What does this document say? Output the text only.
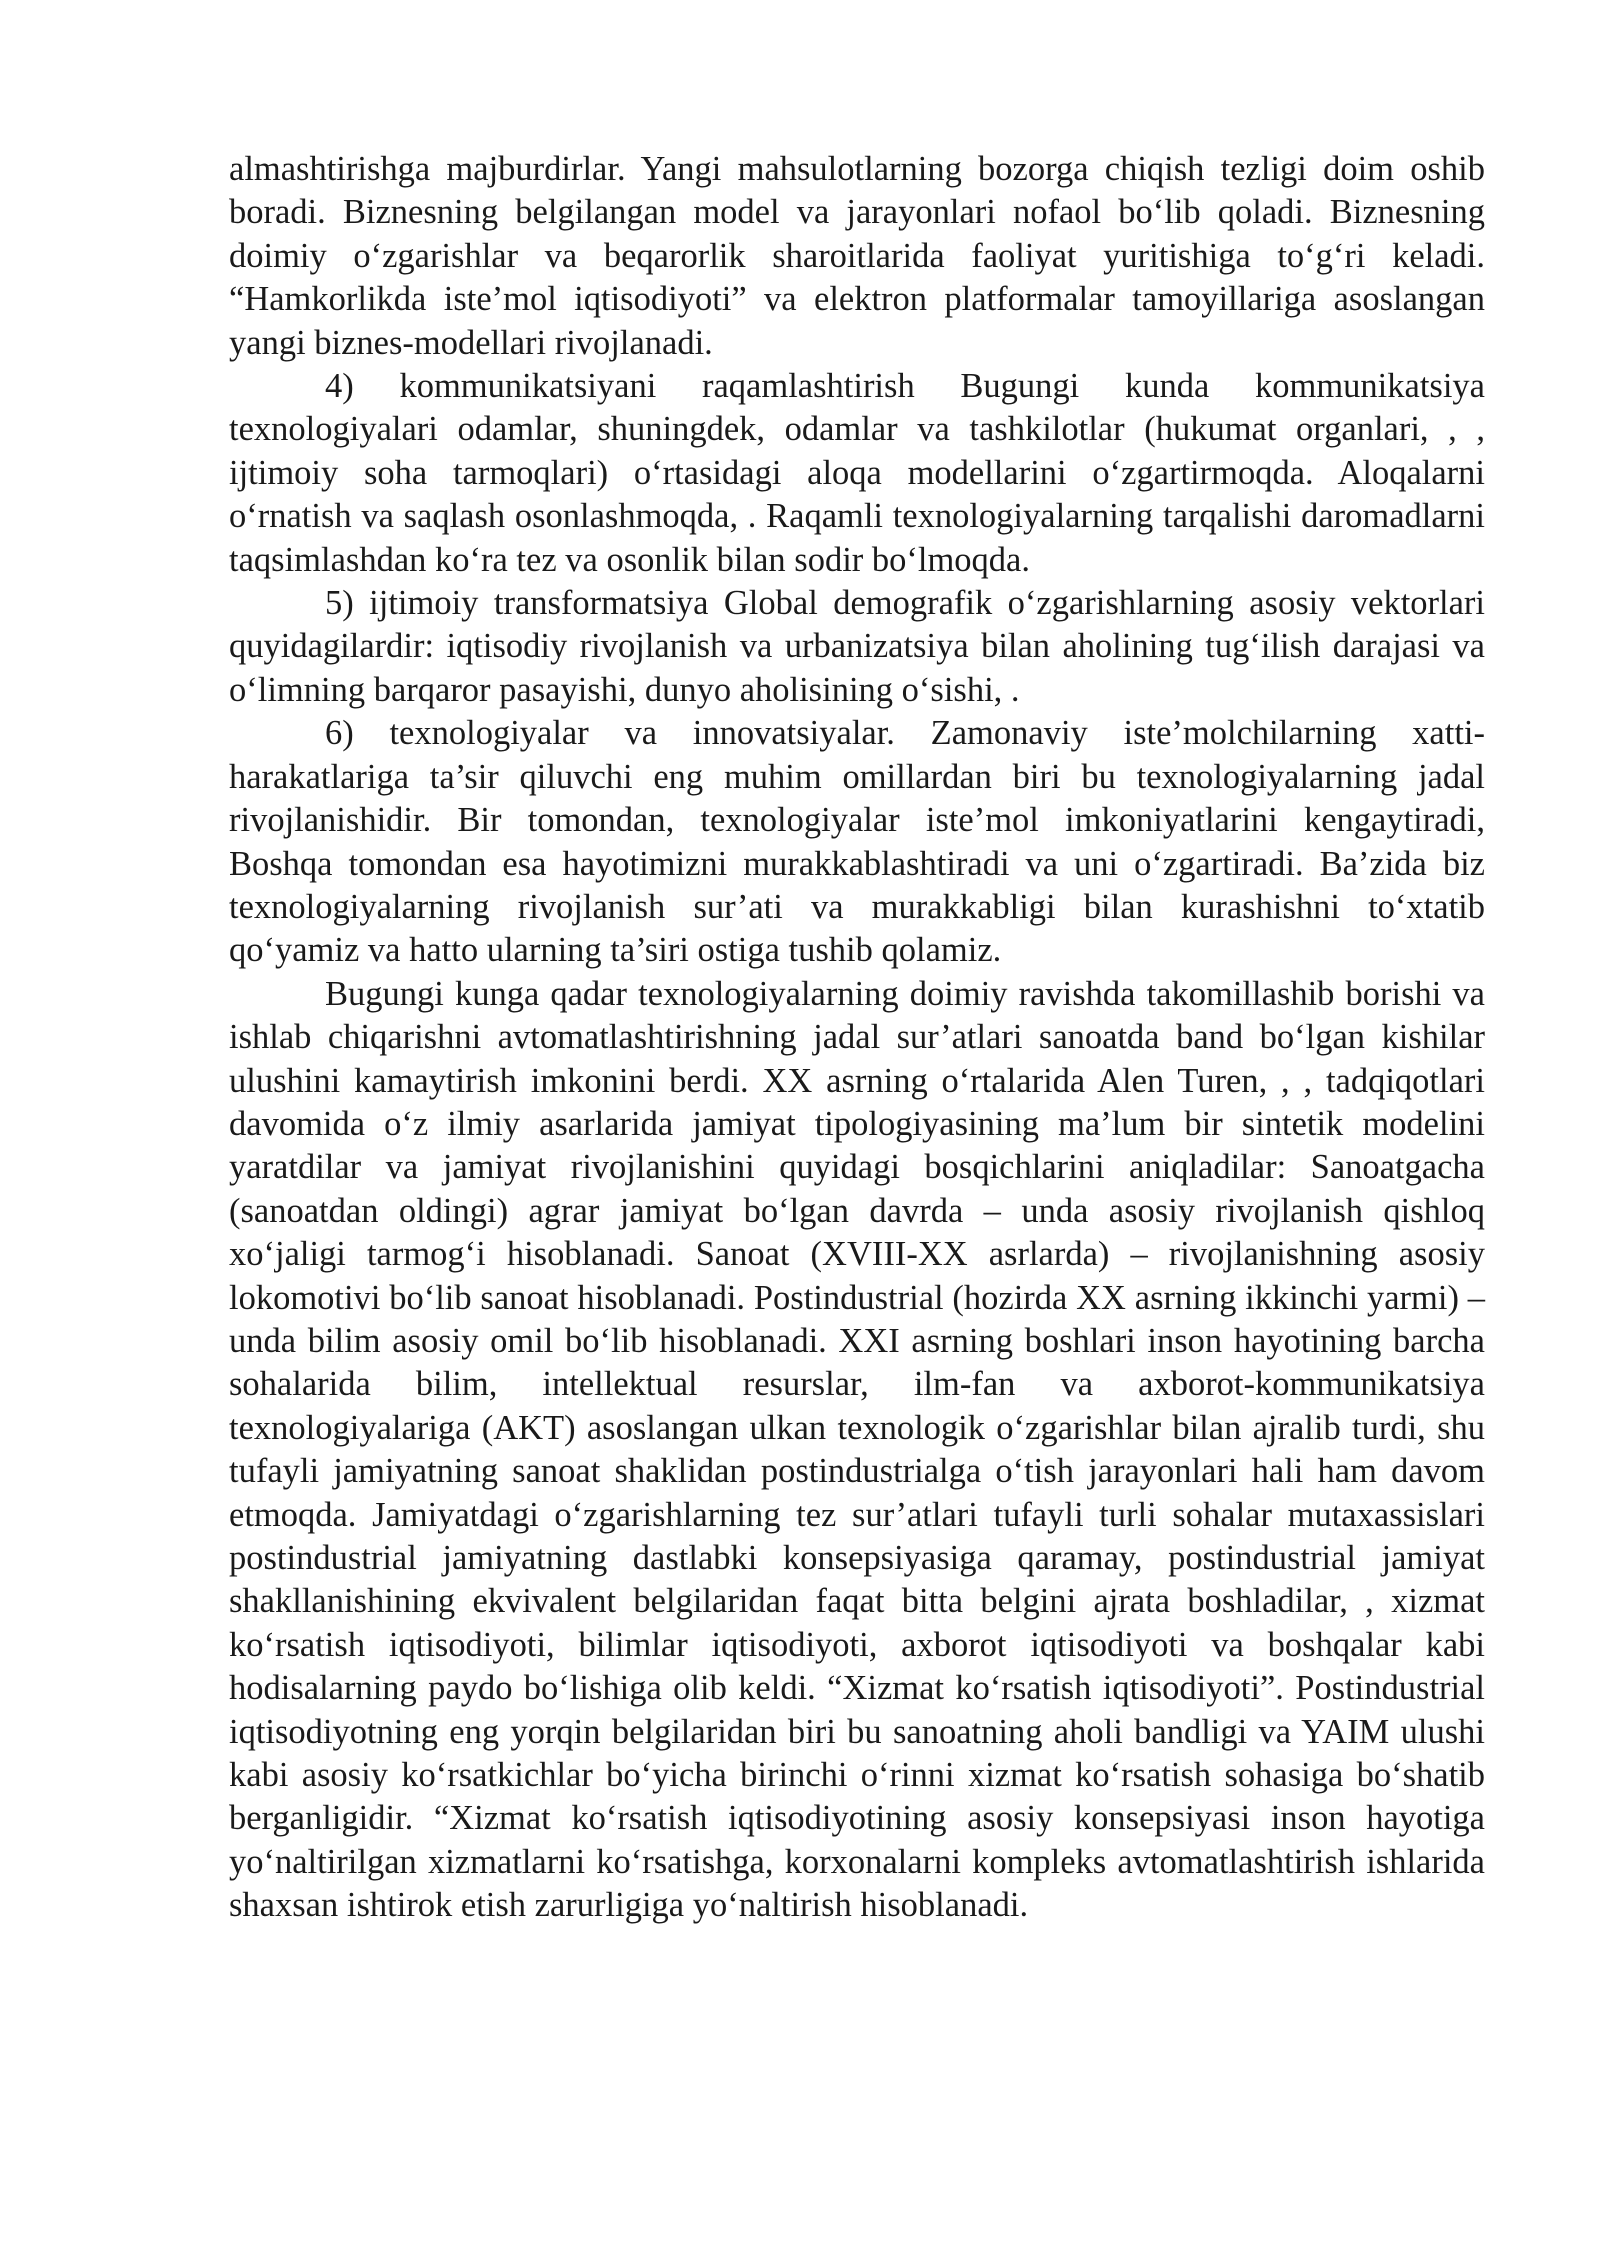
almashtirishga majburdirlar. Yangi mahsulotlarning bozorga chiqish tezligi doim oshib boradi. Biznesning belgilangan model va jarayonlari nofaol bo‘lib qoladi. Biznesning doimiy o‘zgarishlar va beqarorlik sharoitlarida faoliyat yuritishiga to‘g‘ri keladi. “Hamkorlikda iste’mol iqtisodiyoti” va elektron platformalar tamoyillariga asoslangan yangi biznes-modellari rivojlanadi.

4) kommunikatsiyani raqamlashtirish Bugungi kunda kommunikatsiya texnologiyalari odamlar, shuningdek, odamlar va tashkilotlar (hukumat organlari, , , ijtimoiy soha tarmoqlari) o‘rtasidagi aloqa modellarini o‘zgartirmoqda. Aloqalarni o‘rnatish va saqlash osonlashmoqda, . Raqamli texnologiyalarning tarqalishi daromadlarni taqsimlashdan ko‘ra tez va osonlik bilan sodir bo‘lmoqda.

5) ijtimoiy transformatsiya Global demografik o‘zgarishlarning asosiy vektorlari quyidagilardir: iqtisodiy rivojlanish va urbanizatsiya bilan aholining tug‘ilish darajasi va o‘limning barqaror pasayishi, dunyo aholisining o‘sishi, .

6) texnologiyalar va innovatsiyalar. Zamonaviy iste’molchilarning xatti-harakatlariga ta’sir qiluvchi eng muhim omillardan biri bu texnologiyalarning jadal rivojlanishidir. Bir tomondan, texnologiyalar iste’mol imkoniyatlarini kengaytiradi, Boshqa tomondan esa hayotimizni murakkablashtiradi va uni o‘zgartiradi. Ba’zida biz texnologiyalarning rivojlanish sur’ati va murakkabligi bilan kurashishni to‘xtatib qo‘yamiz va hatto ularning ta’siri ostiga tushib qolamiz.

Bugungi kunga qadar texnologiyalarning doimiy ravishda takomillashib borishi va ishlab chiqarishni avtomatlashtirishning jadal sur’atlari sanoatda band bo‘lgan kishilar ulushini kamaytirish imkonini berdi. XX asrning o‘rtalarida Alen Turen, , , tadqiqotlari davomida o‘z ilmiy asarlarida jamiyat tipologiyasining ma’lum bir sintetik modelini yaratdilar va jamiyat rivojlanishini quyidagi bosqichlarini aniqladilar: Sanoatgacha (sanoatdan oldingi) agrar jamiyat bo‘lgan davrda – unda asosiy rivojlanish qishloq xo‘jaligi tarmog‘i hisoblanadi. Sanoat (XVIII-XX asrlarda) – rivojlanishning asosiy lokomotivi bo‘lib sanoat hisoblanadi. Postindustrial (hozirda XX asrning ikkinchi yarmi) – unda bilim asosiy omil bo‘lib hisoblanadi. XXI asrning boshlari inson hayotining barcha sohalarida bilim, intellektual resurslar, ilm-fan va axborot-kommunikatsiya texnologiyalariga (AKT) asoslangan ulkan texnologik o‘zgarishlar bilan ajralib turdi, shu tufayli jamiyatning sanoat shaklidan postindustrialga o‘tish jarayonlari hali ham davom etmoqda. Jamiyatdagi o‘zgarishlarning tez sur’atlari tufayli turli sohalar mutaxassislari postindustrial jamiyatning dastlabki konsepsiyasiga qaramay, postindustrial jamiyat shakllanishining ekvivalent belgilaridan faqat bitta belgini ajrata boshladilar, , xizmat ko‘rsatish iqtisodiyoti, bilimlar iqtisodiyoti, axborot iqtisodiyoti va boshqalar kabi hodisalarning paydo bo‘lishiga olib keldi. “Xizmat ko‘rsatish iqtisodiyoti”. Postindustrial iqtisodiyotning eng yorqin belgilaridan biri bu sanoatning aholi bandligi va YAIM ulushi kabi asosiy ko‘rsatkichlar bo‘yicha birinchi o‘rinni xizmat ko‘rsatish sohasiga bo‘shatib berganligidir. “Xizmat ko‘rsatish iqtisodiyotining asosiy konsepsiyasi inson hayotiga yo‘naltirilgan xizmatlarni ko‘rsatishga, korxonalarni kompleks avtomatlashtirish ishlarida shaxsan ishtirok etish zarurligiga yo‘naltirish hisoblanadi.
